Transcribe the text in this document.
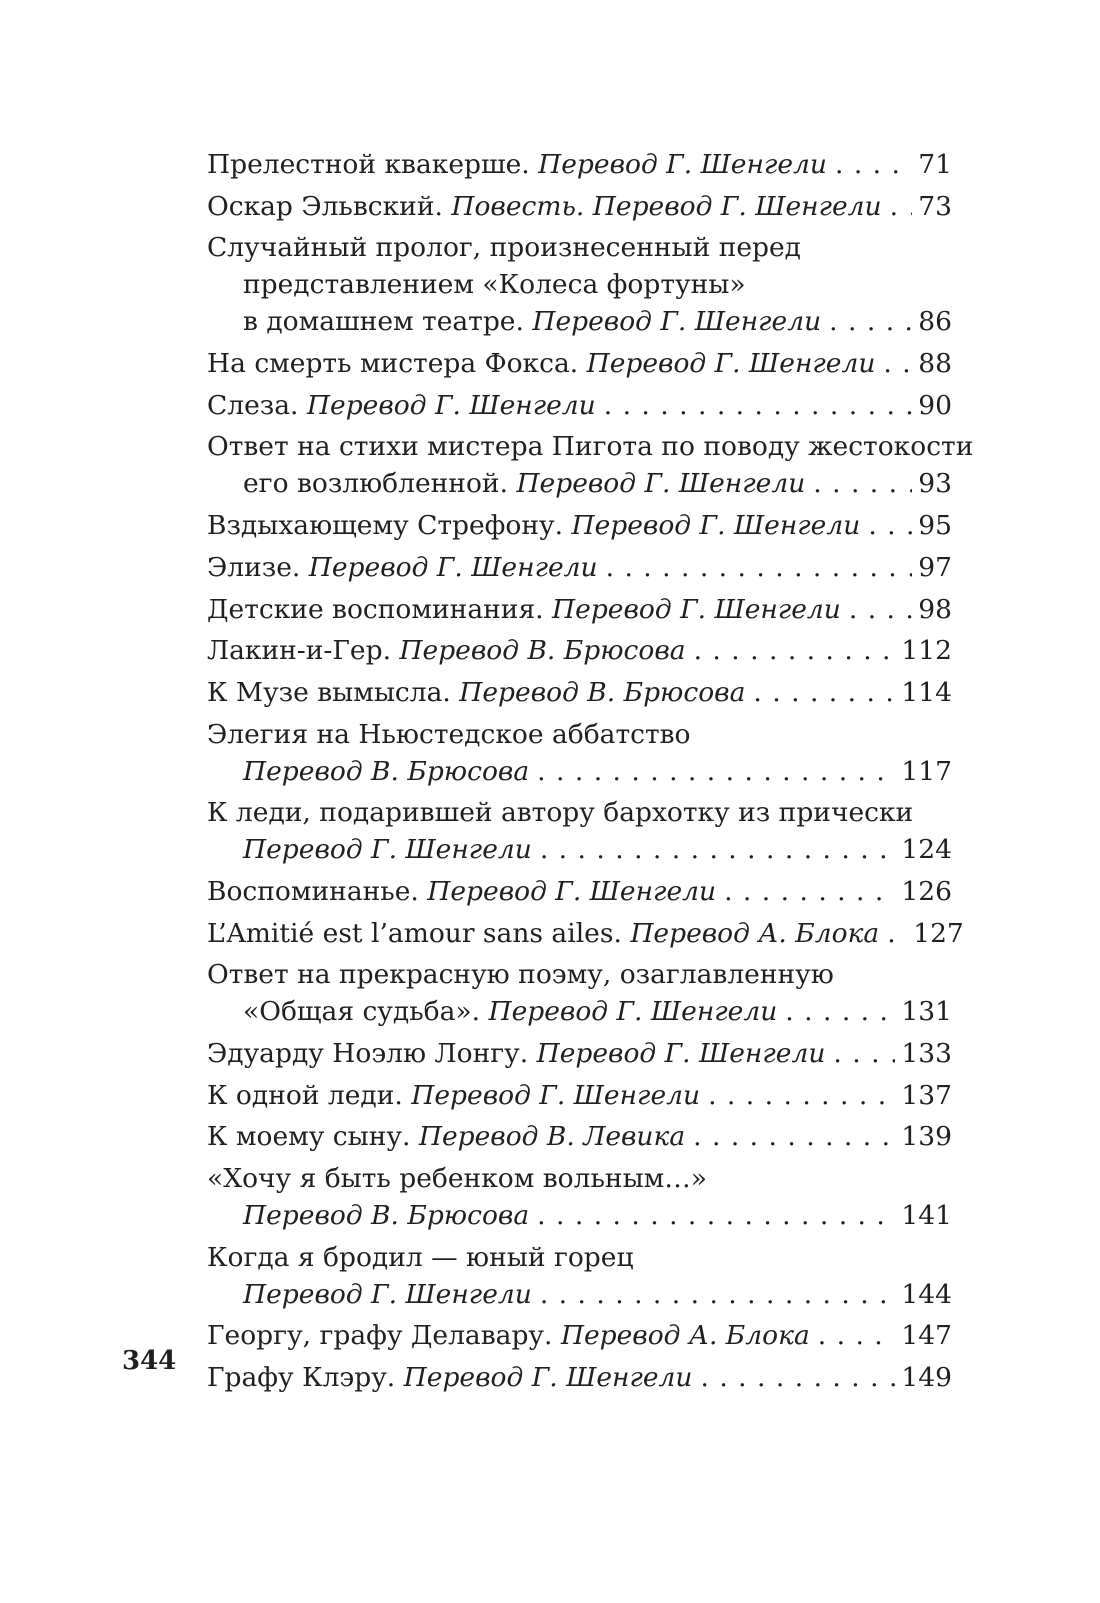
Прелестной квакерше. Перевод Г. Шенгели . . .	71
Оскар Эльвский. Повесть. Перевод Г. Шенгели . . . 73
Случайный пролог, произнесенный перед
представлением «Колеса фортуны»
в домашнем театре. Перевод Г. Шенгели . . .	86
На смерть мистера Фокса. Перевод Г. Шенгели . . . 88
Слеза. Перевод Г. Шенгели . . .	90
Ответ на стихи мистера Пигота по поводу жестокости
его возлюбленной. Перевод Г. Шенгели . . .	93
Вздыхающему Стрефону. Перевод Г. Шенгели . . . 95
Элизе. Перевод Г. Шенгели . . .	97
Детские воспоминания. Перевод Г. Шенгели . . .	98
Лакин-и-Гер. Перевод В. Брюсова . . .	112
К Музе вымысла. Перевод В. Брюсова . . .	114
Элегия на Ньюстедское аббатство
Перевод В. Брюсова . . .	117
К леди, подарившей автору бархотку из прически
Перевод Г. Шенгели . . .	124
Воспоминанье. Перевод Г. Шенгели . . .	126
L’Amitié est l’amour sans ailes. Перевод А. Блока . . . 127
Ответ на прекрасную поэму, озаглавленную
«Общая судьба». Перевод Г. Шенгели . . .	131
Эдуарду Ноэлю Лонгу. Перевод Г. Шенгели . . .	133
К одной леди. Перевод Г. Шенгели . . .	137
К моему сыну. Перевод В. Левика . . .	139
«Хочу я быть ребенком вольным…»
Перевод В. Брюсова . . .	141
Когда я бродил — юный горец
Перевод Г. Шенгели . . .	144
Георгу, графу Делавару. Перевод А. Блока . . .	147
Графу Клэру. Перевод Г. Шенгели . . .	149
344
